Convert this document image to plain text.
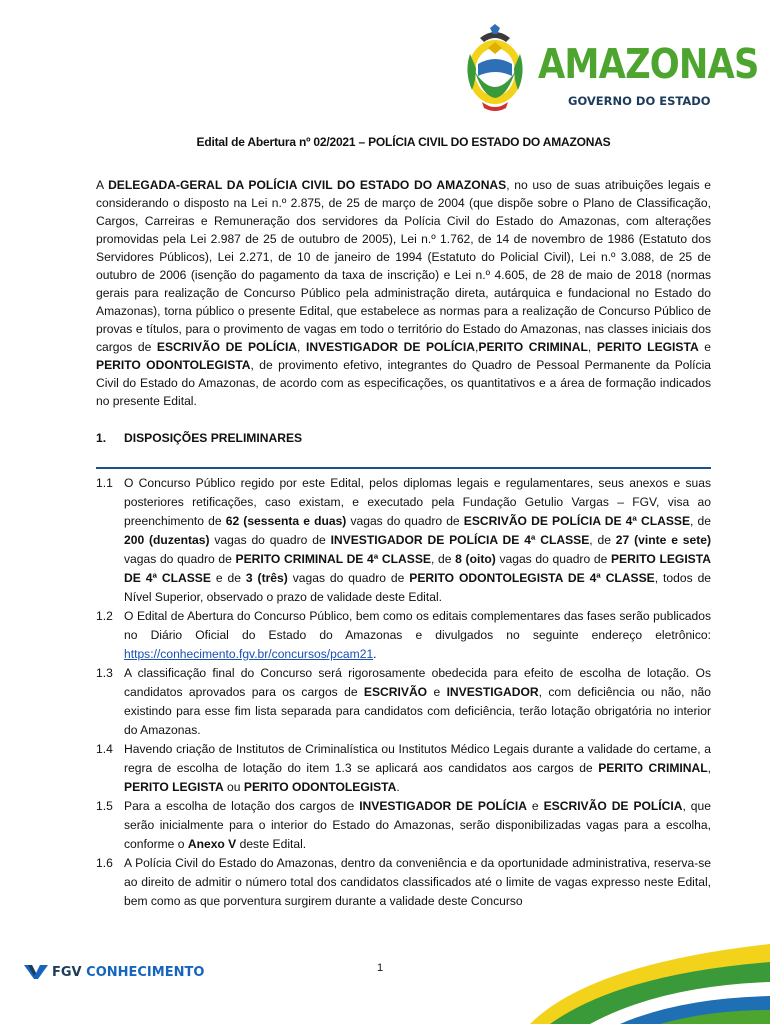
AMAZONAS
GOVERNO DO ESTADO
Edital de Abertura nº 02/2021 – POLÍCIA CIVIL DO ESTADO DO AMAZONAS
A DELEGADA-GERAL DA POLÍCIA CIVIL DO ESTADO DO AMAZONAS, no uso de suas atribuições legais e considerando o disposto na Lei n.º 2.875, de 25 de março de 2004 (que dispõe sobre o Plano de Classificação, Cargos, Carreiras e Remuneração dos servidores da Polícia Civil do Estado do Amazonas, com alterações promovidas pela Lei 2.987 de 25 de outubro de 2005), Lei n.º 1.762, de 14 de novembro de 1986 (Estatuto dos Servidores Públicos), Lei 2.271, de 10 de janeiro de 1994 (Estatuto do Policial Civil), Lei n.º 3.088, de 25 de outubro de 2006 (isenção do pagamento da taxa de inscrição) e Lei n.º 4.605, de 28 de maio de 2018 (normas gerais para realização de Concurso Público pela administração direta, autárquica e fundacional no Estado do Amazonas), torna público o presente Edital, que estabelece as normas para a realização de Concurso Público de provas e títulos, para o provimento de vagas em todo o território do Estado do Amazonas, nas classes iniciais dos cargos de ESCRIVÃO DE POLÍCIA, INVESTIGADOR DE POLÍCIA,PERITO CRIMINAL, PERITO LEGISTA e PERITO ODONTOLEGISTA, de provimento efetivo, integrantes do Quadro de Pessoal Permanente da Polícia Civil do Estado do Amazonas, de acordo com as especificações, os quantitativos e a área de formação indicados no presente Edital.
1. DISPOSIÇÕES PRELIMINARES
1.1 O Concurso Público regido por este Edital, pelos diplomas legais e regulamentares, seus anexos e suas posteriores retificações, caso existam, e executado pela Fundação Getulio Vargas – FGV, visa ao preenchimento de 62 (sessenta e duas) vagas do quadro de ESCRIVÃO DE POLÍCIA DE 4ª CLASSE, de 200 (duzentas) vagas do quadro de INVESTIGADOR DE POLÍCIA DE 4ª CLASSE, de 27 (vinte e sete) vagas do quadro de PERITO CRIMINAL DE 4ª CLASSE, de 8 (oito) vagas do quadro de PERITO LEGISTA DE 4ª CLASSE e de 3 (três) vagas do quadro de PERITO ODONTOLEGISTA DE 4ª CLASSE, todos de Nível Superior, observado o prazo de validade deste Edital.
1.2 O Edital de Abertura do Concurso Público, bem como os editais complementares das fases serão publicados no Diário Oficial do Estado do Amazonas e divulgados no seguinte endereço eletrônico: https://conhecimento.fgv.br/concursos/pcam21.
1.3 A classificação final do Concurso será rigorosamente obedecida para efeito de escolha de lotação. Os candidatos aprovados para os cargos de ESCRIVÃO e INVESTIGADOR, com deficiência ou não, não existindo para esse fim lista separada para candidatos com deficiência, terão lotação obrigatória no interior do Amazonas.
1.4 Havendo criação de Institutos de Criminalística ou Institutos Médico Legais durante a validade do certame, a regra de escolha de lotação do item 1.3 se aplicará aos candidatos aos cargos de PERITO CRIMINAL, PERITO LEGISTA ou PERITO ODONTOLEGISTA.
1.5 Para a escolha de lotação dos cargos de INVESTIGADOR DE POLÍCIA e ESCRIVÃO DE POLÍCIA, que serão inicialmente para o interior do Estado do Amazonas, serão disponibilizadas vagas para a escolha, conforme o Anexo V deste Edital.
1.6 A Polícia Civil do Estado do Amazonas, dentro da conveniência e da oportunidade administrativa, reserva-se ao direito de admitir o número total dos candidatos classificados até o limite de vagas expresso neste Edital, bem como as que porventura surgirem durante a validade deste Concurso
FGV CONHECIMENTO	1
